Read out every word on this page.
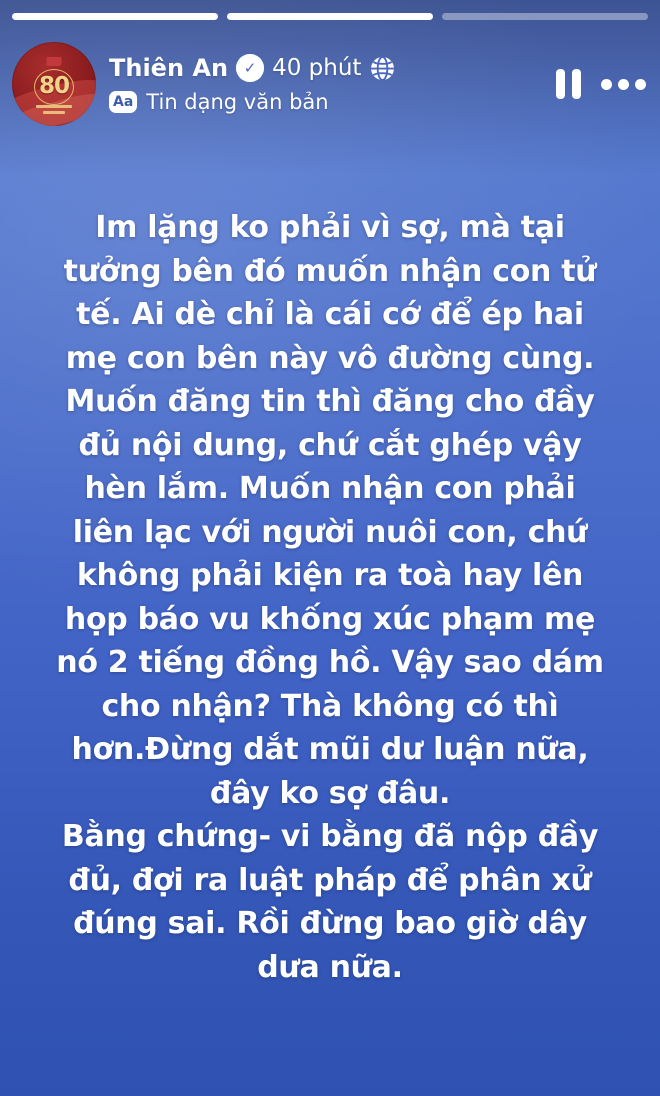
80
Thiên An	✓ 40 phút
Aa Tin dạng văn bản
Im lặng ko phải vì sợ, mà tại
tưởng bên đó muốn nhận con tử
tế. Ai dè chỉ là cái cớ để ép hai
mẹ con bên này vô đường cùng.
Muốn đăng tin thì đăng cho đầy
đủ nội dung, chứ cắt ghép vậy
hèn lắm. Muốn nhận con phải
liên lạc với người nuôi con, chứ
không phải kiện ra toà hay lên
họp báo vu khống xúc phạm mẹ
nó 2 tiếng đồng hồ. Vậy sao dám
cho nhận? Thà không có thì
hơn.Đừng dắt mũi dư luận nữa,
đây ko sợ đâu.
Bằng chứng- vi bằng đã nộp đầy
đủ, đợi ra luật pháp để phân xử
đúng sai. Rồi đừng bao giờ dây
dưa nữa.
